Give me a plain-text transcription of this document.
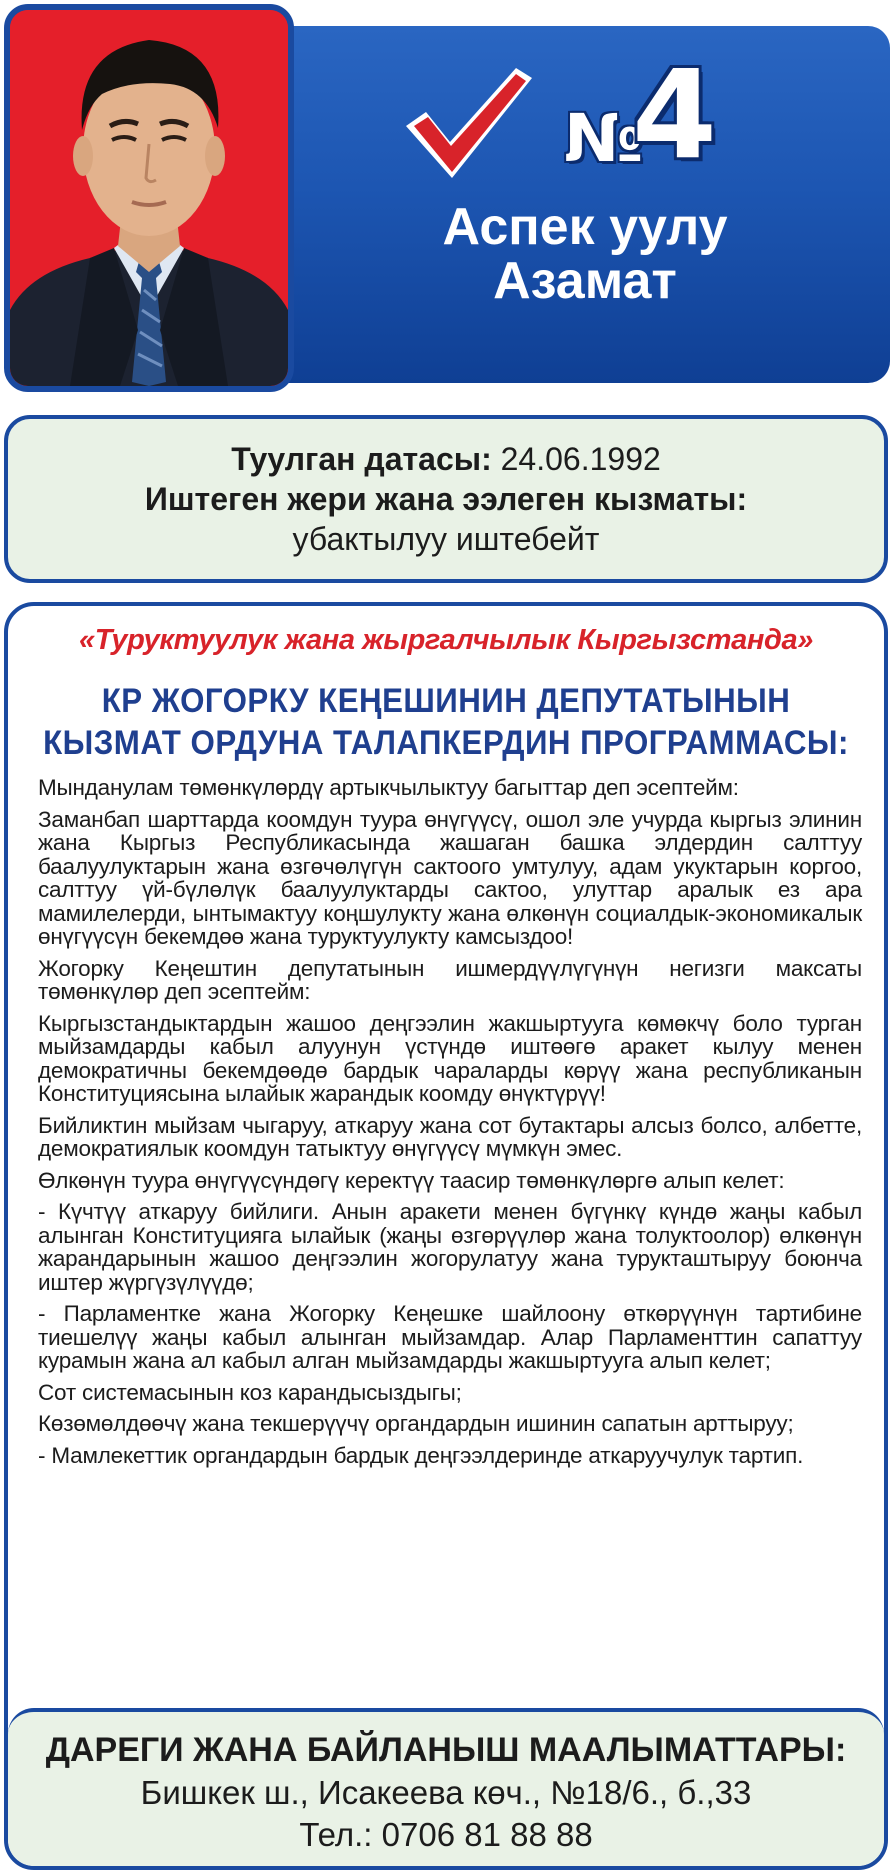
№
4
Аспек уулу
Азамат
Туулган датасы: 24.06.1992
Иштеген жери жана ээлеген кызматы:
убактылуу иштебейт
«Туруктуулук жана жыргалчылык Кыргызстанда»
КР ЖОГОРКУ КЕҢЕШИНИН ДЕПУТАТЫНЫН
КЫЗМАТ ОРДУНА ТАЛАПКЕРДИН ПРОГРАММАСЫ:

Мынданулам төмөнкүлөрдү артыкчылыктуу багыттар деп эсептейм:

Заманбап шарттарда коомдун туура өнүгүүсү, ошол эле учурда кыргыз элинин жана Кыргыз Республикасында жашаган башка элдердин салттуу баалуулуктарын жана өзгөчөлүгүн сактоого умтулуу, адам укуктарын коргоо, салттуу үй-бүлөлүк баалуулуктарды сактоо, улуттар аралык ез ара мамилелерди, ынтымактуу коңшулукту жана өлкөнүн социалдык-экономикалык өнүгүүсүн бекемдөө жана туруктуулукту камсыздоо!

Жогорку Кеңештин депутатынын ишмердүүлүгүнүн негизги максаты төмөнкүлөр деп эсептейм:

Кыргызстандыктардын жашоо деңгээлин жакшыртууга көмөкчү боло турган мыйзамдарды кабыл алуунун үстүндө иштөөгө аракет кылуу менен демократичны бекемдөөдө бардык чараларды көрүү жана республиканын Конституциясына ылайык жарандык коомду өнүктүрүү!

Бийликтин мыйзам чыгаруу, аткаруу жана сот бутактары алсыз болсо, албетте, демократиялык коомдун татыктуу өнүгүүсү мүмкүн эмес.

Өлкөнүн туура өнүгүүсүндөгү керектүү таасир төмөнкүлөргө алып келет:

- Күчтүү аткаруу бийлиги. Анын аракети менен бүгүнкү күндө жаңы кабыл алынган Конституцияга ылайык (жаңы өзгөрүүлөр жана толуктоолор) өлкөнүн жарандарынын жашоо деңгээлин жогорулатуу жана турукташтыруу боюнча иштер жүргүзүлүүдө;

- Парламентке жана Жогорку Кеңешке шайлоону өткөрүүнүн тартибине тиешелүү жаңы кабыл алынган мыйзамдар. Алар Парламенттин сапаттуу курамын жана ал кабыл алган мыйзамдарды жакшыртууга алып келет;

Сот системасынын коз карандысыздыгы;

Көзөмөлдөөчү жана текшерүүчү органдардын ишинин сапатын арттыруу;

- Мамлекеттик органдардын бардык деңгээлдеринде аткаруучулук тартип.

ДАРЕГИ ЖАНА БАЙЛАНЫШ МААЛЫМАТТАРЫ:
Бишкек ш., Исакеева көч., №18/6., б.,33
Тел.: 0706 81 88 88
